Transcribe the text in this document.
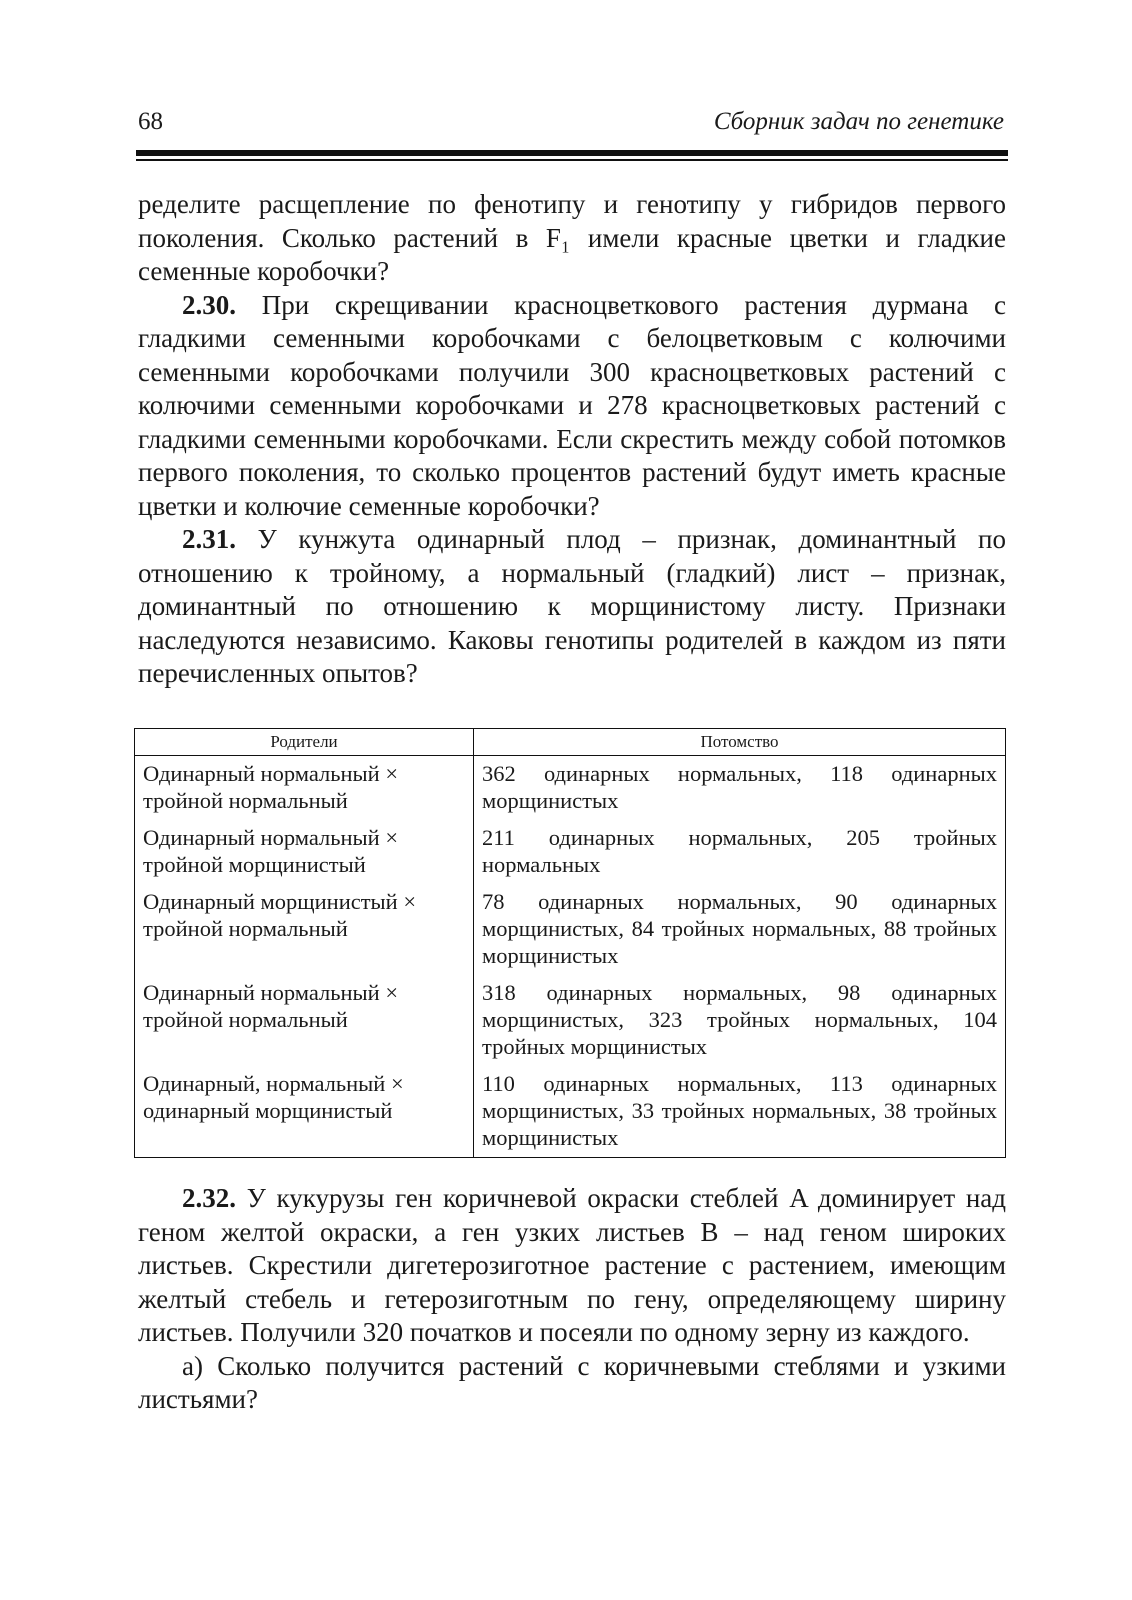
68	Сборник задач по генетике

ределите расщепление по фенотипу и генотипу у гибридов первого поколения. Сколько растений в F₁ имели красные цветки и гладкие семенные коробочки?

2.30. При скрещивании красноцветкового растения дурмана с гладкими семенными коробочками с белоцветковым с колючими семенными коробочками получили 300 красноцветковых растений с колючими семенными коробочками и 278 красноцветковых растений с гладкими семенными коробочками. Если скрестить между собой потомков первого поколения, то сколько процентов растений будут иметь красные цветки и колючие семенные коробочки?

2.31. У кунжута одинарный плод – признак, доминантный по отношению к тройному, а нормальный (гладкий) лист – признак, доминантный по отношению к морщинистому листу. Признаки наследуются независимо. Каковы генотипы родителей в каждом из пяти перечисленных опытов?

Родители	Потомство
Одинарный нормальный × тройной нормальный	362 одинарных нормальных, 118 одинарных морщинистых
Одинарный нормальный × тройной морщинистый	211 одинарных нормальных, 205 тройных нормальных
Одинарный морщинистый × тройной нормальный	78 одинарных нормальных, 90 одинарных морщинистых, 84 тройных нормальных, 88 тройных морщинистых
Одинарный нормальный × тройной нормальный	318 одинарных нормальных, 98 одинарных морщинистых, 323 тройных нормальных, 104 тройных морщинистых
Одинарный, нормальный × одинарный морщинистый	110 одинарных нормальных, 113 одинарных морщинистых, 33 тройных нормальных, 38 тройных морщинистых

2.32. У кукурузы ген коричневой окраски стеблей A доминирует над геном желтой окраски, а ген узких листьев B – над геном широких листьев. Скрестили дигетерозиготное растение с растением, имеющим желтый стебель и гетерозиготным по гену, определяющему ширину листьев. Получили 320 початков и посеяли по одному зерну из каждого.

а) Сколько получится растений с коричневыми стеблями и узкими листьями?
